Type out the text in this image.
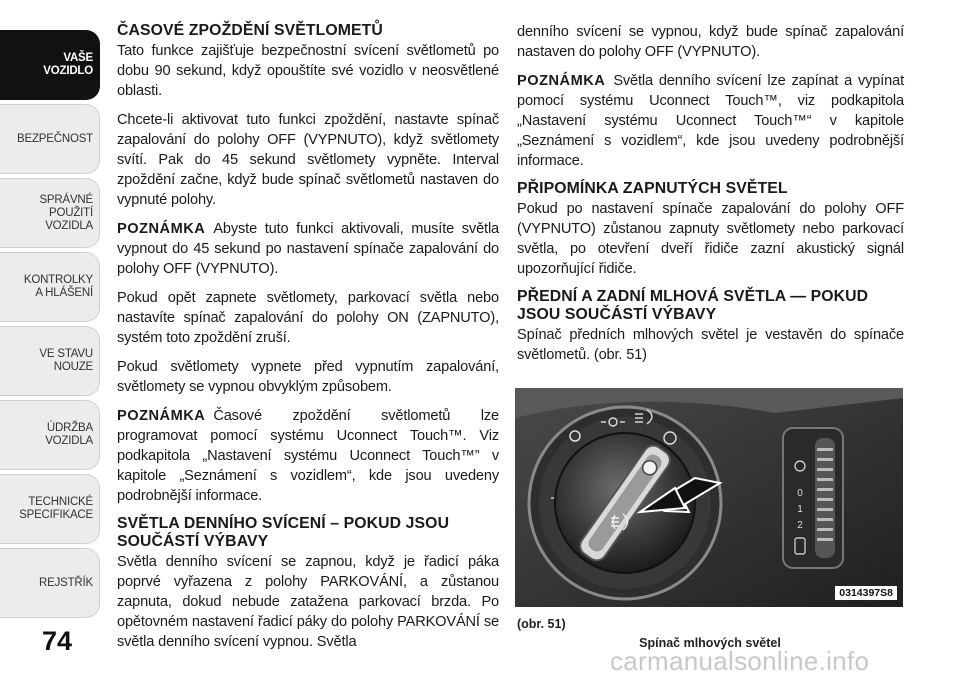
VAŠE
VOZIDLO
BEZPEČNOST
SPRÁVNÉ
POUŽITÍ
VOZIDLA
KONTROLKY
A HLÁŠENÍ
VE STAVU
NOUZE
ÚDRŽBA
VOZIDLA
TECHNICKÉ
SPECIFIKACE
REJSTŘÍK
74
ČASOVÉ ZPOŽDĚNÍ SVĚTLOMETŮ

Tato funkce zajišťuje bezpečnostní svícení světlometů po dobu 90 sekund, když opouštíte své vozidlo v neosvětlené oblasti.

Chcete-li aktivovat tuto funkci zpoždění, nastavte spínač zapalování do polohy OFF (VYPNUTO), když světlomety svítí. Pak do 45 sekund světlomety vypněte. Interval zpoždění začne, když bude spínač světlometů nastaven do vypnuté polohy.

POZNÁMKA Abyste tuto funkci aktivovali, musíte světla vypnout do 45 sekund po nastavení spínače zapalování do polohy OFF (VYPNUTO).

Pokud opět zapnete světlomety, parkovací světla nebo nastavíte spínač zapalování do polohy ON (ZAPNUTO), systém toto zpoždění zruší.

Pokud světlomety vypnete před vypnutím zapalování, světlomety se vypnou obvyklým způsobem.

POZNÁMKA Časové zpoždění světlometů lze programovat pomocí systému Uconnect Touch™. Viz podkapitola „Nastavení systému Uconnect Touch™” v kapitole „Seznámení s vozidlem“, kde jsou uvedeny podrobnější informace.

SVĚTLA DENNÍHO SVÍCENÍ – POKUD JSOU SOUČÁSTÍ VÝBAVY

Světla denního svícení se zapnou, když je řadicí páka poprvé vyřazena z polohy PARKOVÁNÍ, a zůstanou zapnuta, dokud nebude zatažena parkovací brzda. Po opětovném nastavení řadicí páky do polohy PARKOVÁNÍ se světla denního svícení vypnou. Světla

denního svícení se vypnou, když bude spínač zapalování nastaven do polohy OFF (VYPNUTO).

POZNÁMKA Světla denního svícení lze zapínat a vypínat pomocí systému Uconnect Touch™, viz podkapitola „Nastavení systému Uconnect Touch™“ v kapitole „Seznámení s vozidlem“, kde jsou uvedeny podrobnější informace.

PŘIPOMÍNKA ZAPNUTÝCH SVĚTEL

Pokud po nastavení spínače zapalování do polohy OFF (VYPNUTO) zůstanou zapnuty světlomety nebo parkovací světla, po otevření dveří řidiče zazní akustický signál upozorňující řidiče.

PŘEDNÍ A ZADNÍ MLHOVÁ SVĚTLA — POKUD JSOU SOUČÁSTÍ VÝBAVY

Spínač předních mlhových světel je vestavěn do spínače světlometů. (obr. 51)

0
1
2
0314397S8
(obr. 51)
Spínač mlhových světel
carmanualsonline.info
